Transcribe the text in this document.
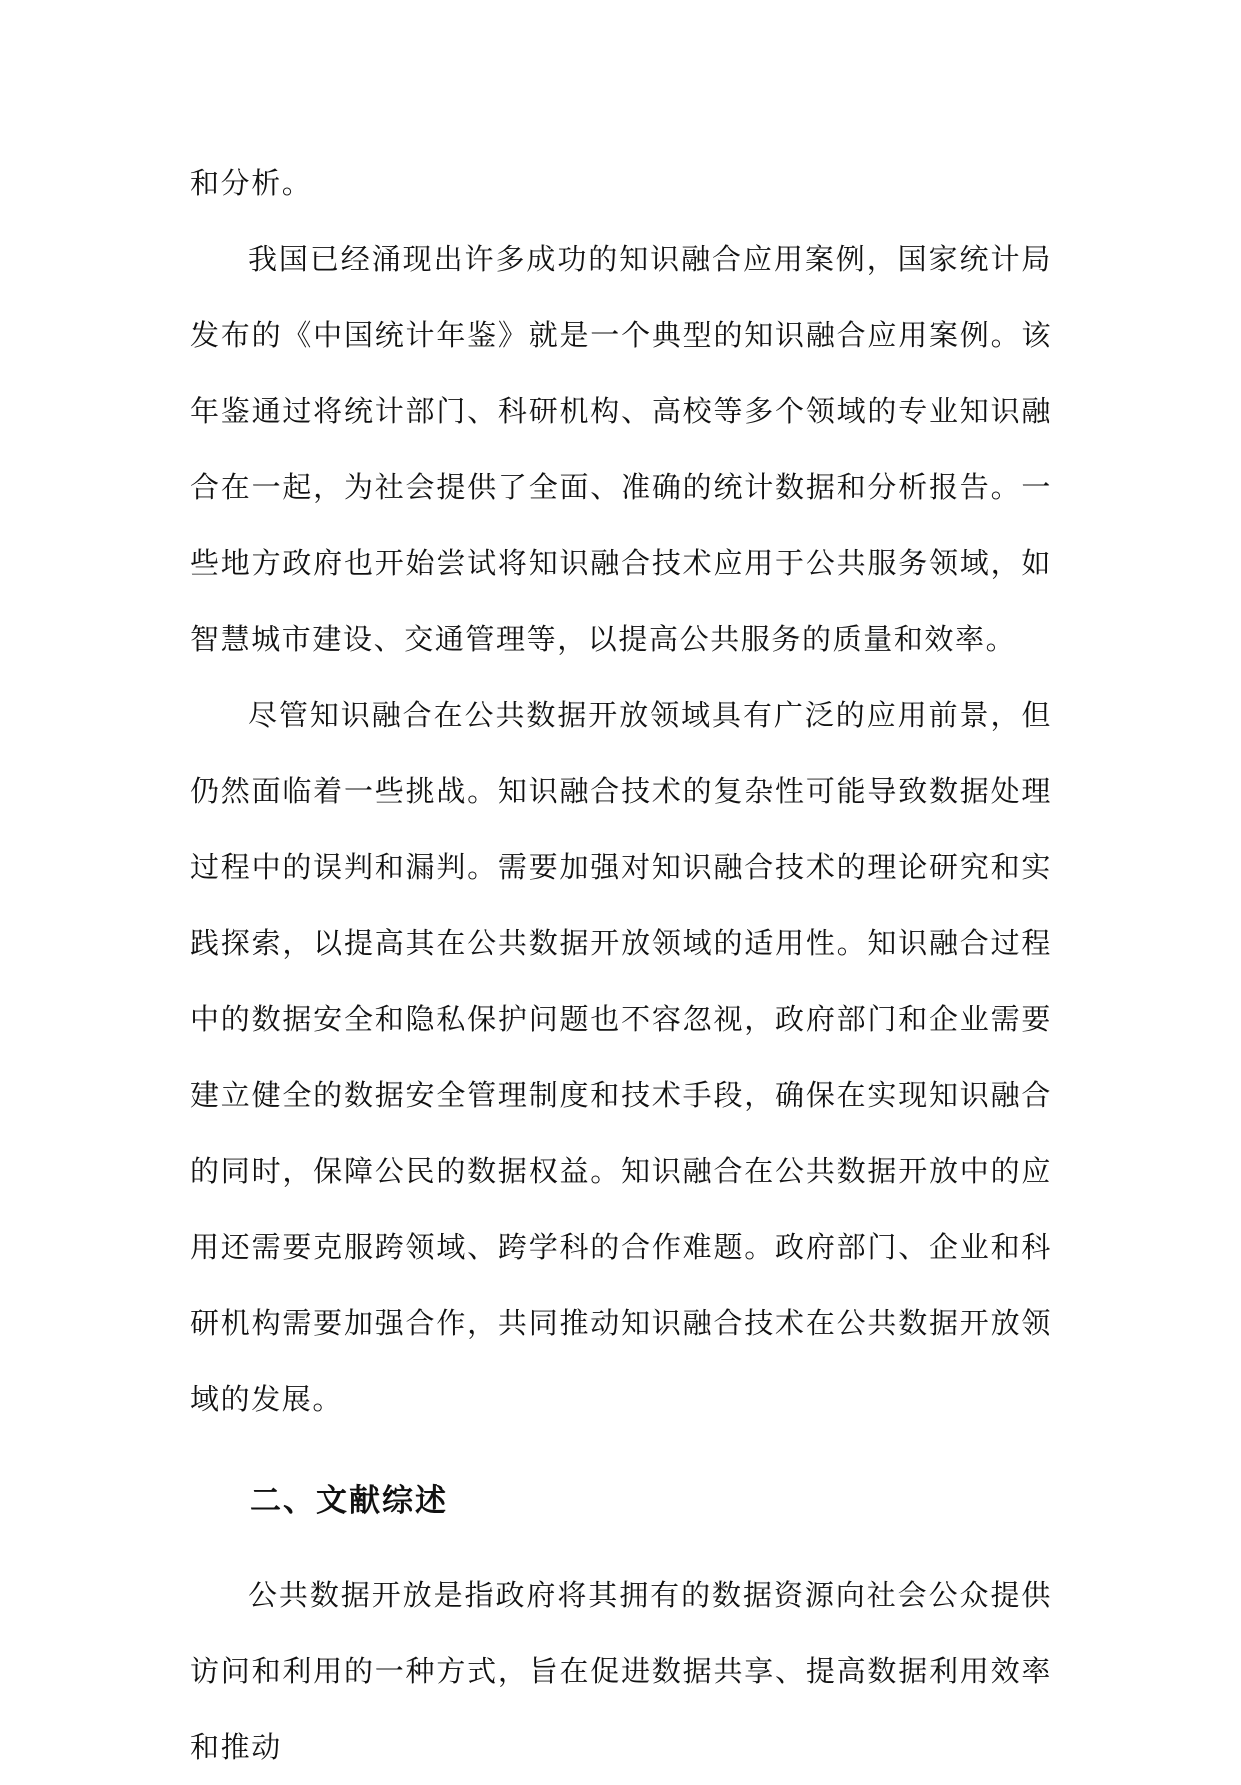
和分析。

我国已经涌现出许多成功的知识融合应用案例，国家统计局发布的《中国统计年鉴》就是一个典型的知识融合应用案例。该年鉴通过将统计部门、科研机构、高校等多个领域的专业知识融合在一起，为社会提供了全面、准确的统计数据和分析报告。一些地方政府也开始尝试将知识融合技术应用于公共服务领域，如智慧城市建设、交通管理等，以提高公共服务的质量和效率。

尽管知识融合在公共数据开放领域具有广泛的应用前景，但仍然面临着一些挑战。知识融合技术的复杂性可能导致数据处理过程中的误判和漏判。需要加强对知识融合技术的理论研究和实践探索，以提高其在公共数据开放领域的适用性。知识融合过程中的数据安全和隐私保护问题也不容忽视，政府部门和企业需要建立健全的数据安全管理制度和技术手段，确保在实现知识融合的同时，保障公民的数据权益。知识融合在公共数据开放中的应用还需要克服跨领域、跨学科的合作难题。政府部门、企业和科研机构需要加强合作，共同推动知识融合技术在公共数据开放领域的发展。

二、文献综述

公共数据开放是指政府将其拥有的数据资源向社会公众提供访问和利用的一种方式，旨在促进数据共享、提高数据利用效率和推动
